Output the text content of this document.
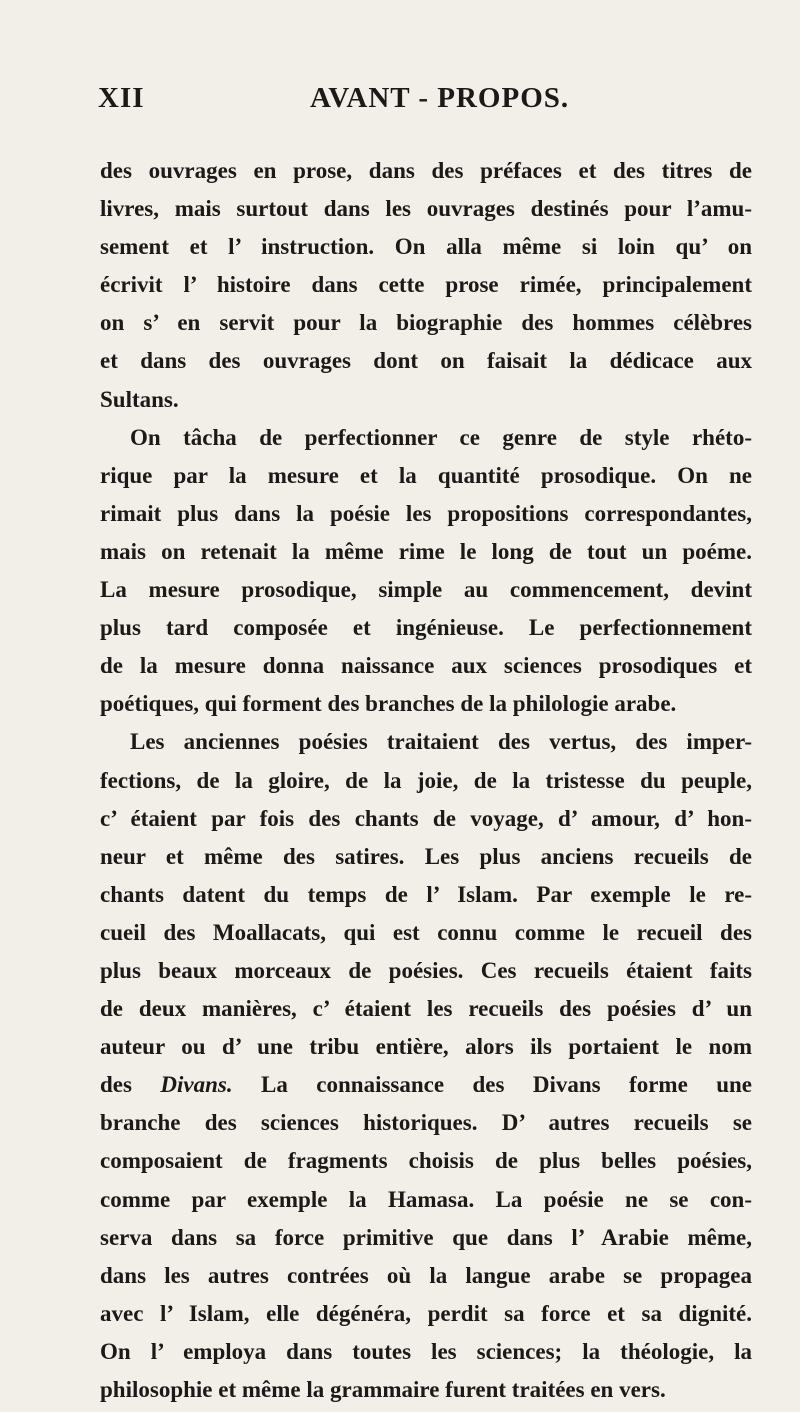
XII	AVANT - PROPOS.
des ouvrages en prose, dans des préfaces et des titres de
livres, mais surtout dans les ouvrages destinés pour l’amu-
sement et l’ instruction. On alla même si loin qu’ on
écrivit l’ histoire dans cette prose rimée, principalement
on s’ en servit pour la biographie des hommes célèbres
et dans des ouvrages dont on faisait la dédicace aux
Sultans.
On tâcha de perfectionner ce genre de style rhéto-
rique par la mesure et la quantité prosodique. On ne
rimait plus dans la poésie les propositions correspondantes,
mais on retenait la même rime le long de tout un poéme.
La mesure prosodique, simple au commencement, devint
plus tard composée et ingénieuse. Le perfectionnement
de la mesure donna naissance aux sciences prosodiques et
poétiques, qui forment des branches de la philologie arabe.
Les anciennes poésies traitaient des vertus, des imper-
fections, de la gloire, de la joie, de la tristesse du peuple,
c’ étaient par fois des chants de voyage, d’ amour, d’ hon-
neur et même des satires. Les plus anciens recueils de
chants datent du temps de l’ Islam. Par exemple le re-
cueil des Moallacats, qui est connu comme le recueil des
plus beaux morceaux de poésies. Ces recueils étaient faits
de deux manières, c’ étaient les recueils des poésies d’ un
auteur ou d’ une tribu entière, alors ils portaient le nom
des Divans. La connaissance des Divans forme une
branche des sciences historiques. D’ autres recueils se
composaient de fragments choisis de plus belles poésies,
comme par exemple la Hamasa. La poésie ne se con-
serva dans sa force primitive que dans l’ Arabie même,
dans les autres contrées où la langue arabe se propagea
avec l’ Islam, elle dégénéra, perdit sa force et sa dignité.
On l’ employa dans toutes les sciences; la théologie, la
philosophie et même la grammaire furent traitées en vers.
